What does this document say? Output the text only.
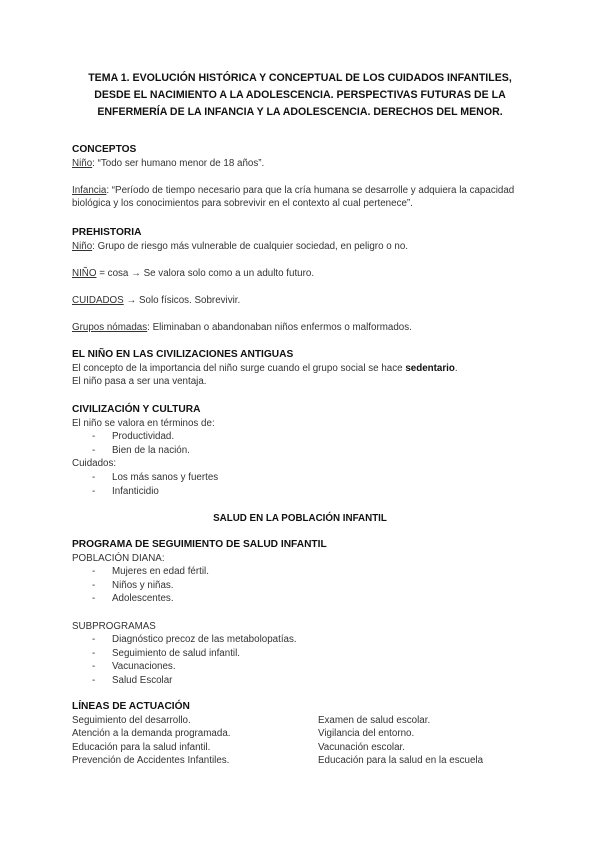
TEMA 1. EVOLUCIÓN HISTÓRICA Y CONCEPTUAL DE LOS CUIDADOS INFANTILES, DESDE EL NACIMIENTO A LA ADOLESCENCIA. PERSPECTIVAS FUTURAS DE LA ENFERMERÍA DE LA INFANCIA Y LA ADOLESCENCIA. DERECHOS DEL MENOR.
CONCEPTOS
Niño: “Todo ser humano menor de 18 años”.
Infancia: “Período de tiempo necesario para que la cría humana se desarrolle y adquiera la capacidad biológica y los conocimientos para sobrevivir en el contexto al cual pertenece”.
PREHISTORIA
Niño: Grupo de riesgo más vulnerable de cualquier sociedad, en peligro o no.
NIÑO = cosa → Se valora solo como a un adulto futuro.
CUIDADOS → Solo físicos. Sobrevivir.
Grupos nómadas: Eliminaban o abandonaban niños enfermos o malformados.
EL NIÑO EN LAS CIVILIZACIONES ANTIGUAS
El concepto de la importancia del niño surge cuando el grupo social se hace sedentario.
El niño pasa a ser una ventaja.
CIVILIZACIÓN Y CULTURA
El niño se valora en términos de:
- Productividad.
- Bien de la nación.
Cuidados:
- Los más sanos y fuertes
- Infanticidio
SALUD EN LA POBLACIÓN INFANTIL
PROGRAMA DE SEGUIMIENTO DE SALUD INFANTIL
POBLACIÓN DIANA:
- Mujeres en edad fértil.
- Niños y niñas.
- Adolescentes.
SUBPROGRAMAS
- Diagnóstico precoz de las metabolopatías.
- Seguimiento de salud infantil.
- Vacunaciones.
- Salud Escolar
LÍNEAS DE ACTUACIÓN
Seguimiento del desarrollo.
Atención a la demanda programada.
Educación para la salud infantil.
Prevención de Accidentes Infantiles.
Examen de salud escolar.
Vigilancia del entorno.
Vacunación escolar.
Educación para la salud en la escuela
